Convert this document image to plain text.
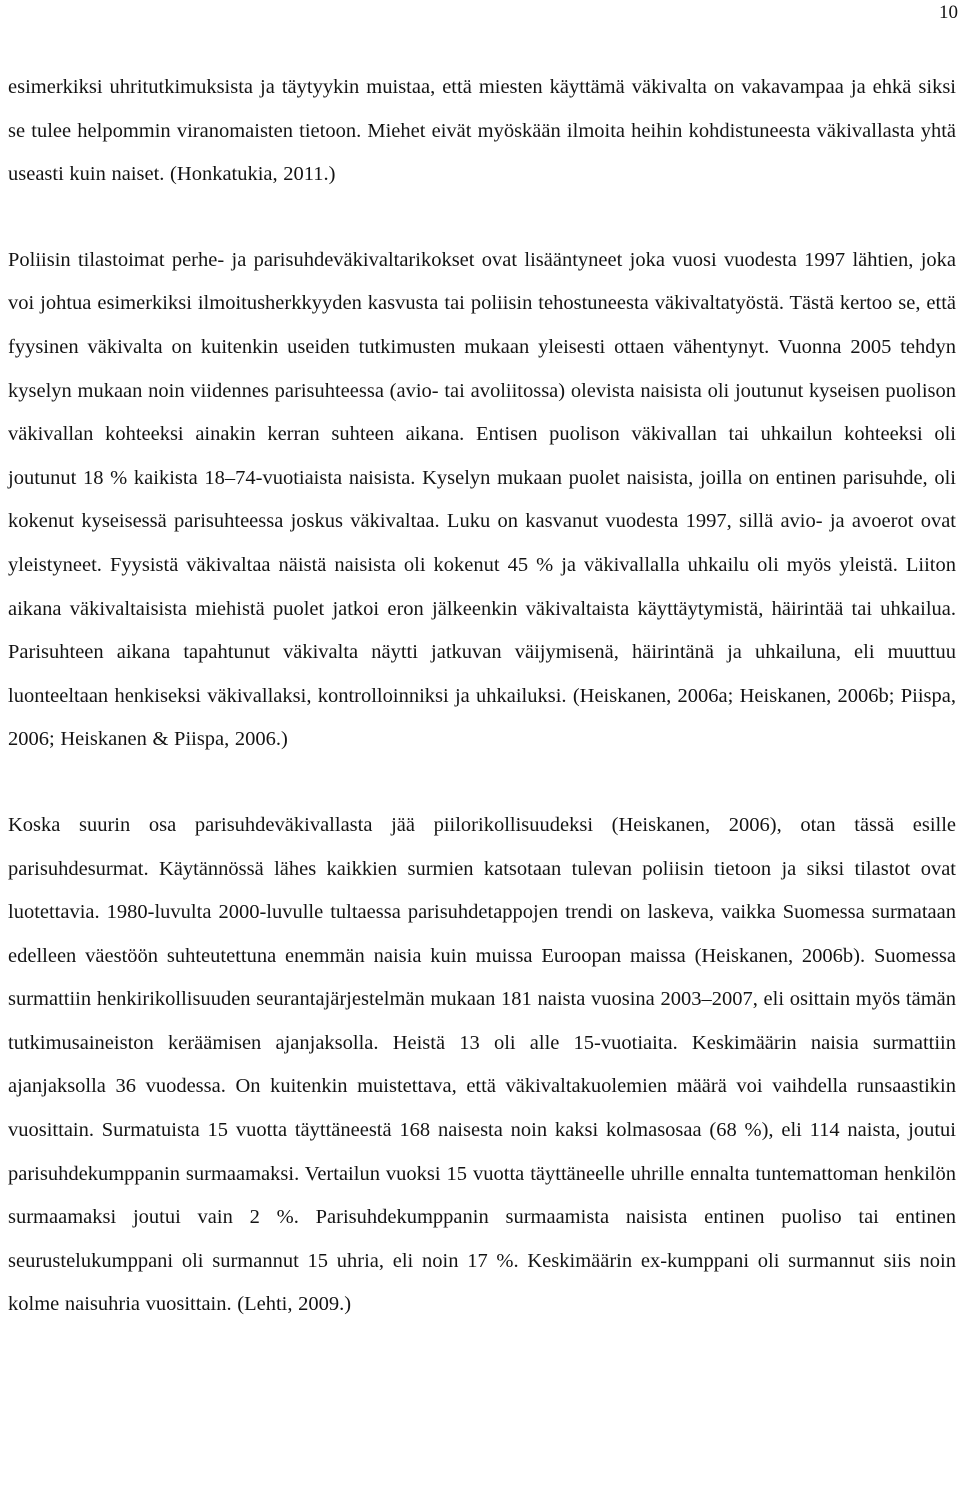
10

esimerkiksi uhritutkimuksista ja täytyykin muistaa, että miesten käyttämä väkivalta on vakavampaa ja ehkä siksi se tulee helpommin viranomaisten tietoon. Miehet eivät myöskään ilmoita heihin kohdistuneesta väkivallasta yhtä useasti kuin naiset. (Honkatukia, 2011.)

Poliisin tilastoimat perhe- ja parisuhdeväkivaltarikokset ovat lisääntyneet joka vuosi vuodesta 1997 lähtien, joka voi johtua esimerkiksi ilmoitusherkkyyden kasvusta tai poliisin tehostuneesta väkivaltatyöstä. Tästä kertoo se, että fyysinen väkivalta on kuitenkin useiden tutkimusten mukaan yleisesti ottaen vähentynyt. Vuonna 2005 tehdyn kyselyn mukaan noin viidennes parisuhteessa (avio- tai avoliitossa) olevista naisista oli joutunut kyseisen puolison väkivallan kohteeksi ainakin kerran suhteen aikana. Entisen puolison väkivallan tai uhkailun kohteeksi oli joutunut 18 % kaikista 18–74-vuotiaista naisista. Kyselyn mukaan puolet naisista, joilla on entinen parisuhde, oli kokenut kyseisessä parisuhteessa joskus väkivaltaa. Luku on kasvanut vuodesta 1997, sillä avio- ja avoerot ovat yleistyneet. Fyysistä väkivaltaa näistä naisista oli kokenut 45 % ja väkivallalla uhkailu oli myös yleistä. Liiton aikana väkivaltaisista miehistä puolet jatkoi eron jälkeenkin väkivaltaista käyttäytymistä, häirintää tai uhkailua. Parisuhteen aikana tapahtunut väkivalta näytti jatkuvan väijymisenä, häirintänä ja uhkailuna, eli muuttuu luonteeltaan henkiseksi väkivallaksi, kontrolloinniksi ja uhkailuksi. (Heiskanen, 2006a; Heiskanen, 2006b; Piispa, 2006; Heiskanen & Piispa, 2006.)

Koska suurin osa parisuhdeväkivallasta jää piilorikollisuudeksi (Heiskanen, 2006), otan tässä esille parisuhdesurmat. Käytännössä lähes kaikkien surmien katsotaan tulevan poliisin tietoon ja siksi tilastot ovat luotettavia. 1980-luvulta 2000-luvulle tultaessa parisuhdetappojen trendi on laskeva, vaikka Suomessa surmataan edelleen väestöön suhteutettuna enemmän naisia kuin muissa Euroopan maissa (Heiskanen, 2006b). Suomessa surmattiin henkirikollisuuden seurantajärjestelmän mukaan 181 naista vuosina 2003–2007, eli osittain myös tämän tutkimusaineiston keräämisen ajanjaksolla. Heistä 13 oli alle 15-vuotiaita. Keskimäärin naisia surmattiin ajanjaksolla 36 vuodessa. On kuitenkin muistettava, että väkivaltakuolemien määrä voi vaihdella runsaastikin vuosittain. Surmatuista 15 vuotta täyttäneestä 168 naisesta noin kaksi kolmasosaa (68 %), eli 114 naista, joutui parisuhdekumppanin surmaamaksi. Vertailun vuoksi 15 vuotta täyttäneelle uhrille ennalta tuntemattoman henkilön surmaamaksi joutui vain 2 %. Parisuhdekumppanin surmaamista naisista entinen puoliso tai entinen seurustelukumppani oli surmannut 15 uhria, eli noin 17 %. Keskimäärin ex-kumppani oli surmannut siis noin kolme naisuhria vuosittain. (Lehti, 2009.)
